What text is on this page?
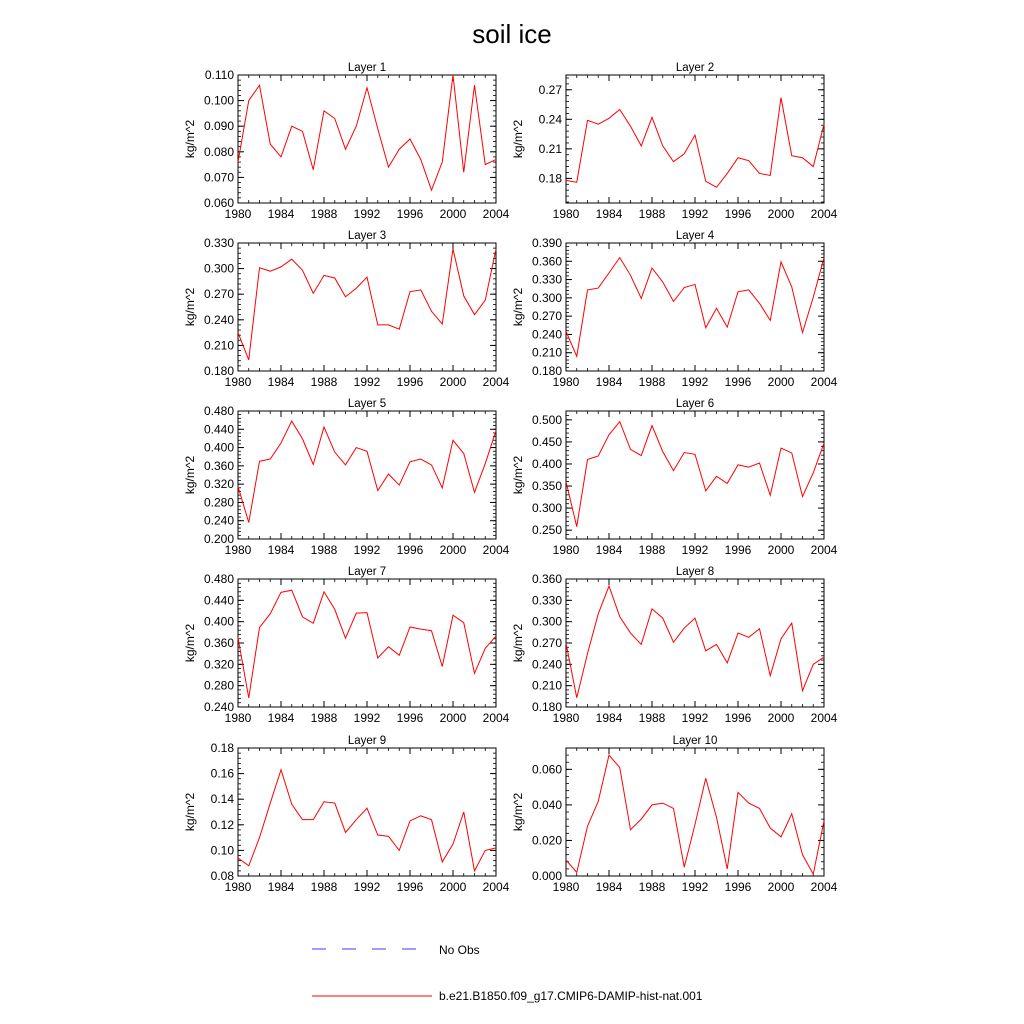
soil ice
Layer 1
1980 1984 1988 1992 1996 2000 2004
0.060
0.070
0.080
0.090
0.100
0.110
kg/m^2
Layer 2
1980 1984 1988 1992 1996 2000 2004
0.18
0.21
0.24
0.27
kg/m^2
Layer 3
1980 1984 1988 1992 1996 2000 2004
0.180
0.210
0.240
0.270
0.300
0.330
kg/m^2
Layer 4
1980 1984 1988 1992 1996 2000 2004
0.180
0.210
0.240
0.270
0.300
0.330
0.360
0.390
kg/m^2
Layer 5
1980 1984 1988 1992 1996 2000 2004
0.200
0.240
0.280
0.320
0.360
0.400
0.440
0.480
kg/m^2
Layer 6
1980 1984 1988 1992 1996 2000 2004
0.250
0.300
0.350
0.400
0.450
0.500
kg/m^2
Layer 7
1980 1984 1988 1992 1996 2000 2004
0.240
0.280
0.320
0.360
0.400
0.440
0.480
kg/m^2
Layer 8
1980 1984 1988 1992 1996 2000 2004
0.180
0.210
0.240
0.270
0.300
0.330
0.360
kg/m^2
Layer 9
1980 1984 1988 1992 1996 2000 2004
0.08
0.10
0.12
0.14
0.16
0.18
kg/m^2
Layer 10
1980 1984 1988 1992 1996 2000 2004
0.000
0.020
0.040
0.060
kg/m^2
No Obs
b.e21.B1850.f09_g17.CMIP6-DAMIP-hist-nat.001
